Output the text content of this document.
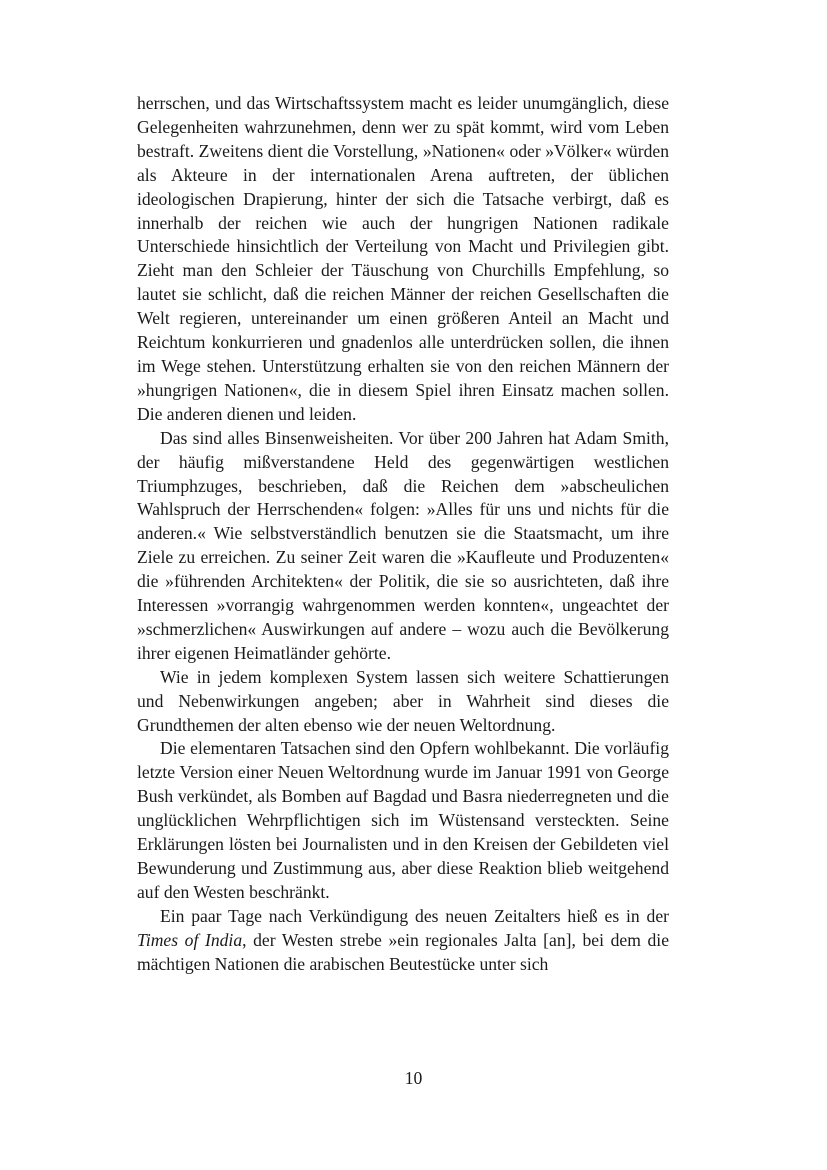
herrschen, und das Wirtschaftssystem macht es leider unumgänglich, diese Gelegenheiten wahrzunehmen, denn wer zu spät kommt, wird vom Leben bestraft. Zweitens dient die Vorstellung, »Nationen« oder »Völker« würden als Akteure in der internationalen Arena auftreten, der üblichen ideologischen Drapierung, hinter der sich die Tatsache verbirgt, daß es innerhalb der reichen wie auch der hungrigen Nationen radikale Unterschiede hinsichtlich der Verteilung von Macht und Privilegien gibt. Zieht man den Schleier der Täuschung von Churchills Empfehlung, so lautet sie schlicht, daß die reichen Männer der reichen Gesellschaften die Welt regieren, untereinander um einen größeren Anteil an Macht und Reichtum konkurrieren und gnadenlos alle unterdrücken sollen, die ihnen im Wege stehen. Unterstützung erhalten sie von den reichen Männern der »hungrigen Nationen«, die in diesem Spiel ihren Einsatz machen sollen. Die anderen dienen und leiden.

Das sind alles Binsenweisheiten. Vor über 200 Jahren hat Adam Smith, der häufig mißverstandene Held des gegenwärtigen westlichen Triumphzuges, beschrieben, daß die Reichen dem »abscheulichen Wahlspruch der Herrschenden« folgen: »Alles für uns und nichts für die anderen.« Wie selbstverständlich benutzen sie die Staatsmacht, um ihre Ziele zu erreichen. Zu seiner Zeit waren die »Kaufleute und Produzenten« die »führenden Architekten« der Politik, die sie so ausrichteten, daß ihre Interessen »vorrangig wahrgenommen werden konnten«, ungeachtet der »schmerzlichen« Auswirkungen auf andere – wozu auch die Bevölkerung ihrer eigenen Heimatländer gehörte.

Wie in jedem komplexen System lassen sich weitere Schattierungen und Nebenwirkungen angeben; aber in Wahrheit sind dieses die Grundthemen der alten ebenso wie der neuen Weltordnung.

Die elementaren Tatsachen sind den Opfern wohlbekannt. Die vorläufig letzte Version einer Neuen Weltordnung wurde im Januar 1991 von George Bush verkündet, als Bomben auf Bagdad und Basra niederregneten und die unglücklichen Wehrpflichtigen sich im Wüstensand versteckten. Seine Erklärungen lösten bei Journalisten und in den Kreisen der Gebildeten viel Bewunderung und Zustimmung aus, aber diese Reaktion blieb weitgehend auf den Westen beschränkt.

Ein paar Tage nach Verkündigung des neuen Zeitalters hieß es in der Times of India, der Westen strebe »ein regionales Jalta [an], bei dem die mächtigen Nationen die arabischen Beutestücke unter sich

10
